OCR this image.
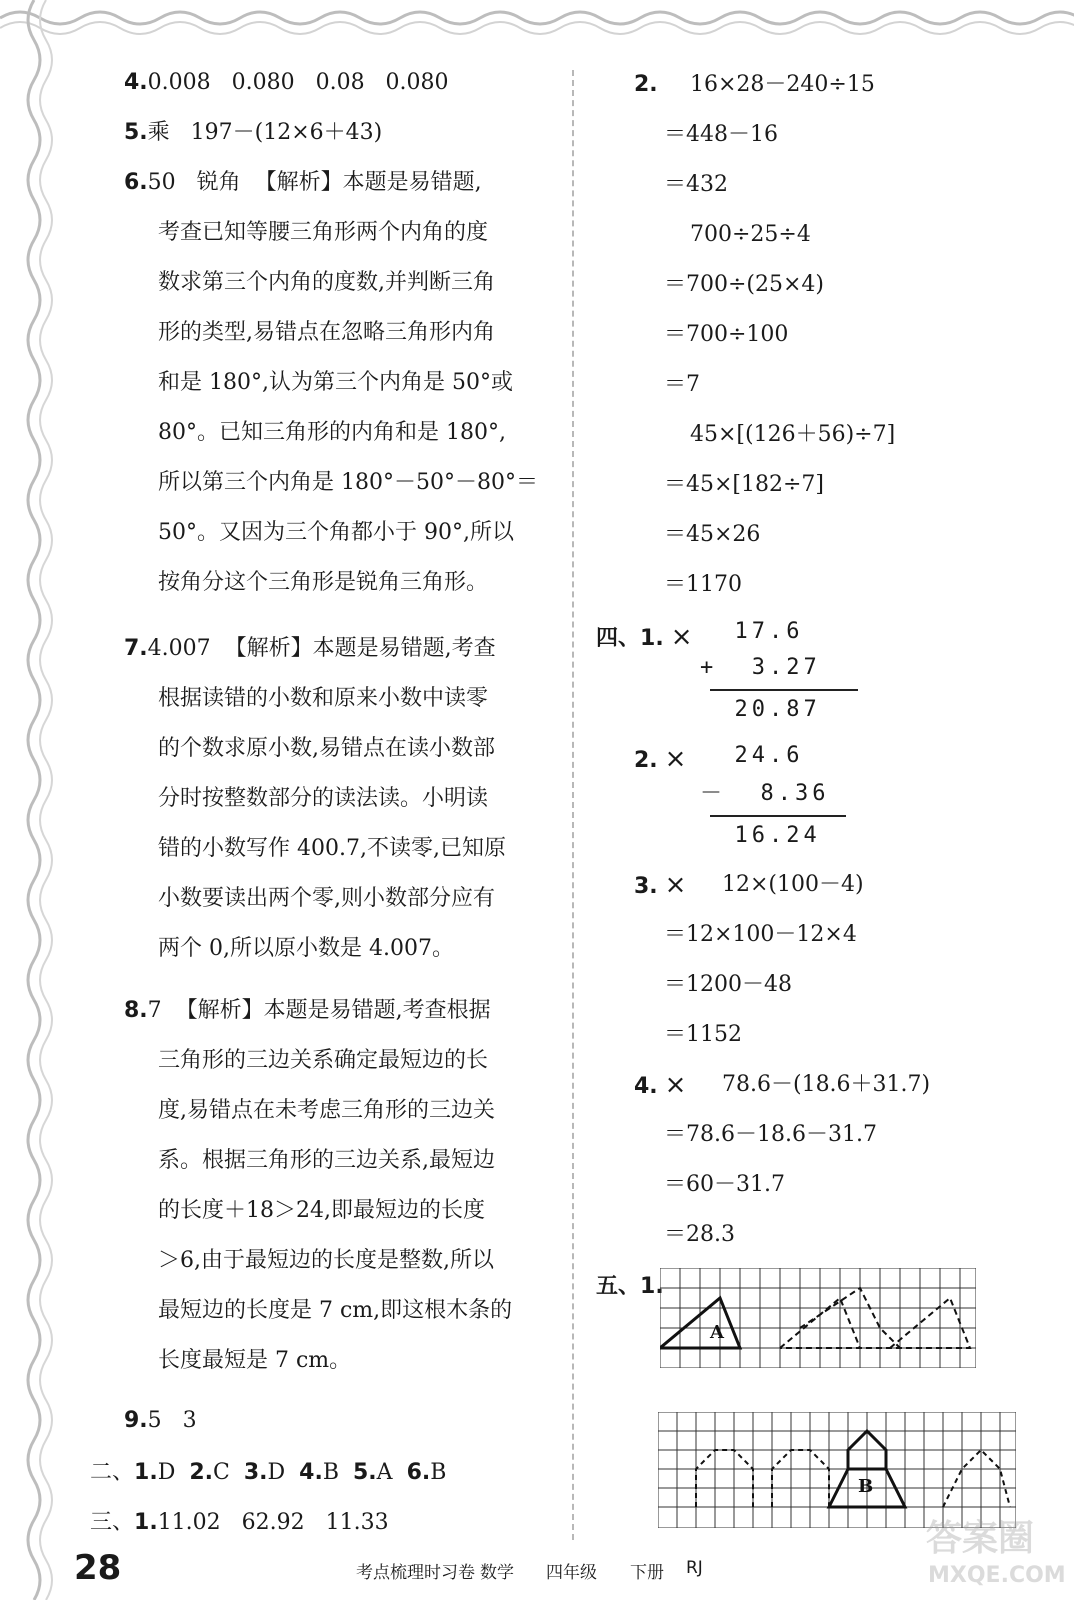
4.0.008   0.080   0.08   0.080
5.乘   197－(12×6＋43)
6.50   锐角  【解析】本题是易错题,
考查已知等腰三角形两个内角的度
数求第三个内角的度数,并判断三角
形的类型,易错点在忽略三角形内角
和是 180°,认为第三个内角是 50°或
80°。已知三角形的内角和是 180°,
所以第三个内角是 180°－50°－80°＝
50°。又因为三个角都小于 90°,所以
按角分这个三角形是锐角三角形。
7.4.007  【解析】本题是易错题,考查
根据读错的小数和原来小数中读零
的个数求原小数,易错点在读小数部
分时按整数部分的读法读。小明读
错的小数写作 400.7,不读零,已知原
小数要读出两个零,则小数部分应有
两个 0,所以原小数是 4.007。
8.7  【解析】本题是易错题,考查根据
三角形的三边关系确定最短边的长
度,易错点在未考虑三角形的三边关
系。根据三角形的三边关系,最短边
的长度＋18＞24,即最短边的长度
＞6,由于最短边的长度是整数,所以
最短边的长度是 7 cm,即这根木条的
长度最短是 7 cm。
9.5   3
二、1.D 2.C 3.D 4.B 5.A 6.B
三、1.11.02   62.92   11.33
2. 16×28－240÷15
＝448－16
＝432
700÷25÷4
＝700÷(25×4)
＝700÷100
＝7
45×[(126＋56)÷7]
＝45×[182÷7]
＝45×26
＝1170
四、1. × 17.6
+  3.27
20.87
2. × 24.6
－  8.36
16.24
3. × 12×(100－4)
＝12×100－12×4
＝1200－48
＝1152
4. × 78.6－(18.6＋31.7)
＝78.6－18.6－31.7
＝60－31.7
＝28.3
五、1.
A
B
28	考点梳理时习卷 数学 四年级 下册 RJ
答案圈
MXQE.COM
